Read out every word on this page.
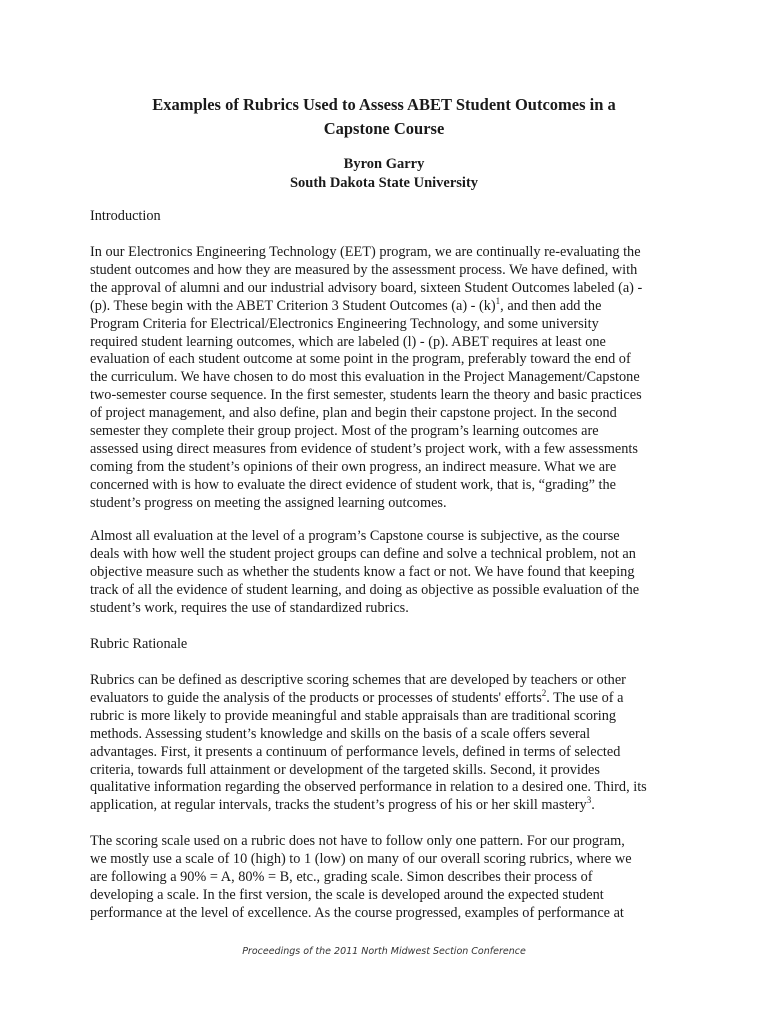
Examples of Rubrics Used to Assess ABET Student Outcomes in a
Capstone Course
Byron Garry
South Dakota State University
Introduction
In our Electronics Engineering Technology (EET) program, we are continually re-evaluating the
student outcomes and how they are measured by the assessment process. We have defined, with
the approval of alumni and our industrial advisory board, sixteen Student Outcomes labeled (a) -
(p). These begin with the ABET Criterion 3 Student Outcomes $(a) - (k)^1$, and then add the
Program Criteria for Electrical/Electronics Engineering Technology, and some university
required student learning outcomes, which are labeled (l) - (p). ABET requires at least one
evaluation of each student outcome at some point in the program, preferably toward the end of
the curriculum. We have chosen to do most this evaluation in the Project Management/Capstone
two-semester course sequence. In the first semester, students learn the theory and basic practices
of project management, and also define, plan and begin their capstone project. In the second
semester they complete their group project. Most of the program’s learning outcomes are
assessed using direct measures from evidence of student’s project work, with a few assessments
coming from the student’s opinions of their own progress, an indirect measure. What we are
concerned with is how to evaluate the direct evidence of student work, that is, “grading” the
student’s progress on meeting the assigned learning outcomes.
Almost all evaluation at the level of a program’s Capstone course is subjective, as the course
deals with how well the student project groups can define and solve a technical problem, not an
objective measure such as whether the students know a fact or not. We have found that keeping
track of all the evidence of student learning, and doing as objective as possible evaluation of the
student’s work, requires the use of standardized rubrics.
Rubric Rationale
Rubrics can be defined as descriptive scoring schemes that are developed by teachers or other
evaluators to guide the analysis of the products or processes of students' efforts$^2$. The use of a
rubric is more likely to provide meaningful and stable appraisals than are traditional scoring
methods. Assessing student’s knowledge and skills on the basis of a scale offers several
advantages. First, it presents a continuum of performance levels, defined in terms of selected
criteria, towards full attainment or development of the targeted skills. Second, it provides
qualitative information regarding the observed performance in relation to a desired one. Third, its
application, at regular intervals, tracks the student’s progress of his or her skill mastery$^3$.
The scoring scale used on a rubric does not have to follow only one pattern. For our program,
we mostly use a scale of 10 (high) to 1 (low) on many of our overall scoring rubrics, where we
are following a 90% = A, 80% = B, etc., grading scale. Simon describes their process of
developing a scale. In the first version, the scale is developed around the expected student
performance at the level of excellence. As the course progressed, examples of performance at
Proceedings of the 2011 North Midwest Section Conference
